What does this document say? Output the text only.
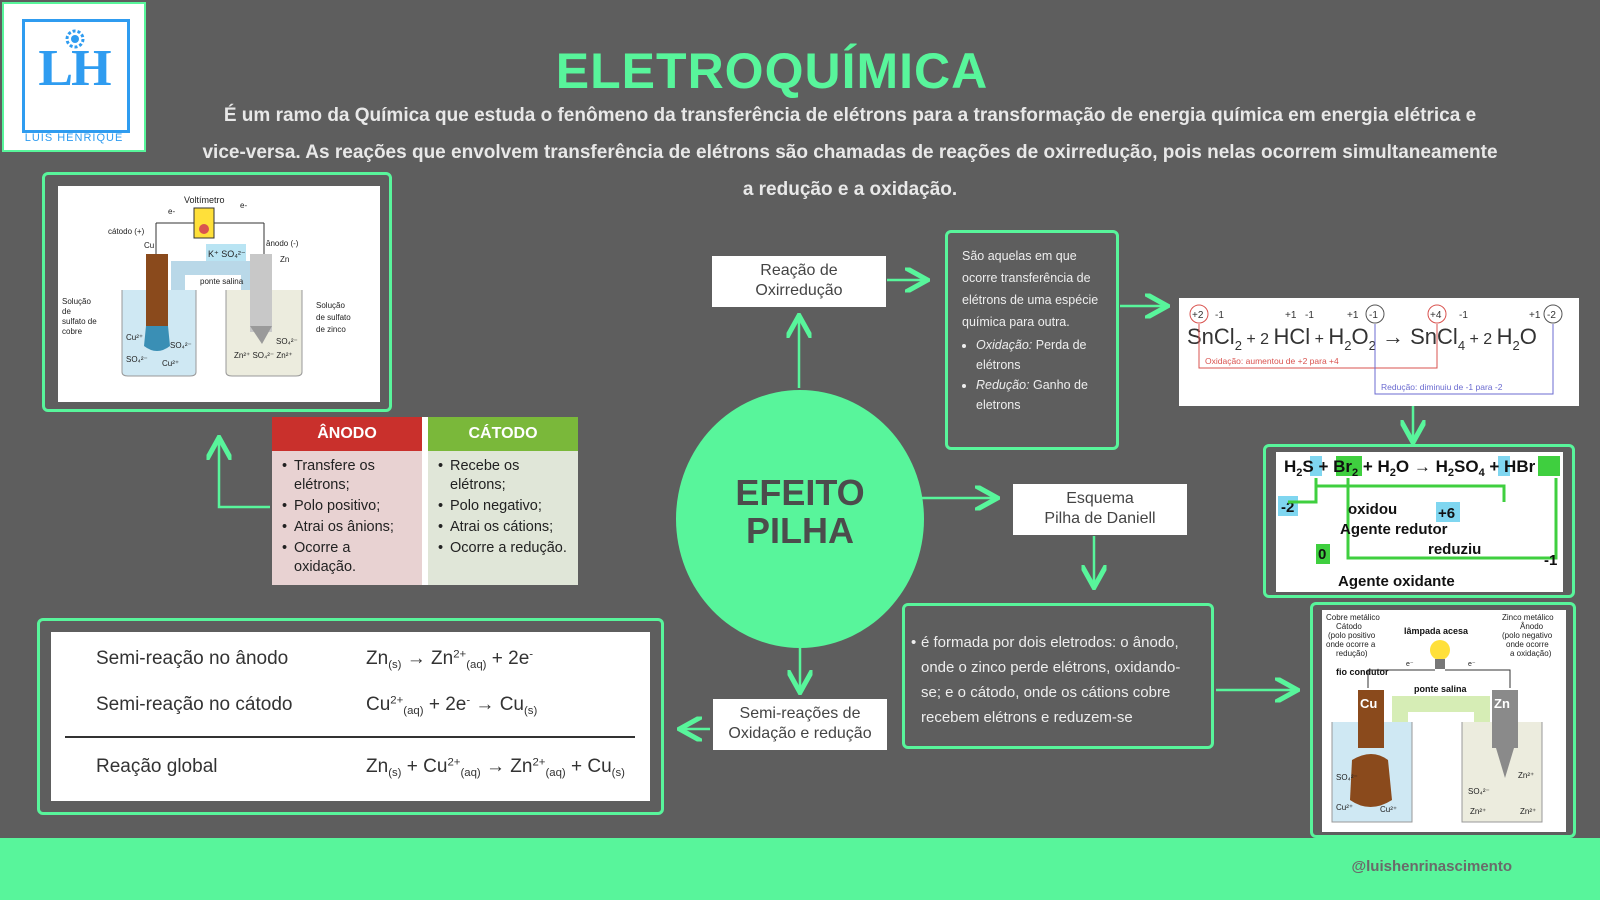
LH
LUIS HENRIQUE
ELETROQUÍMICA
É um ramo da Química que estuda o fenômeno da transferência de elétrons para a transformação de energia química em energia elétrica e vice-versa. As reações que envolvem transferência de elétrons são chamadas de reações de oxirredução, pois nelas ocorrem simultaneamente a redução e a oxidação.
e-
e-
Voltímetro
cátodo (+)
ânodo (-)
Cu
Zn
K⁺ SO₄²⁻
ponte salina
Cu²⁺
SO₄²⁻
SO₄²⁻ Cu²⁺
Zn²⁺ SO₄²⁻ Zn²⁺
SO₄²⁻
Solução
de
sulfato de
cobre
Solução
de sulfato
de zinco
ÂNODO
• Transfere os elétrons;
• Polo positivo;
• Atrai os ânions;
• Ocorre a oxidação.
CÁTODO
• Recebe os elétrons;
• Polo negativo;
• Atrai os cátions;
• Ocorre a redução.
EFEITO
PILHA
Reação de
Oxirredução
Esquema
Pilha de Daniell
Semi-reações de
Oxidação e redução
São aquelas em que ocorre transferência de elétrons de uma espécie química para outra.
• Oxidação: Perda de elétrons
• Redução: Ganho de eletrons
• é formada por dois eletrodos: o ânodo, onde o zinco perde elétrons, oxidando-se; e o cátodo, onde os cátions cobre recebem elétrons e reduzem-se
+2 -1	+1 -1	+1 -1	+4 -1	+1 -2
SnCl$_2$ $^{+ 2}$ HCl + $H_2O_2$ → SnCl$_4$ $^{+ 2}$ $H_2O$
Oxidação: aumentou de +2 para +4
Redução: diminuiu de -1 para -2
$H_2S + Br_2 + H_2O \to H_2SO_4$ + HBr
-2	+6
0	-1
oxidou
Agente redutor
reduziu
Agente oxidante
Semi-reação no ânodo	$Zn_{(s)} \to Zn^{2+}_{(aq)} + 2e^-$
Semi-reação no cátodo	$Cu^{2+}_{(aq)} + 2e^- \to Cu_{(s)}$
Reação global	$Zn_{(s)} + Cu^{2+}_{(aq)} \to Zn^{2+}_{(aq)} + Cu_{(s)}$
Cobre metálico
Cátodo
(polo positivo
onde ocorre a
redução)
Zinco metálico
Ânodo
(polo negativo
onde ocorre
a oxidação)
lâmpada acesa
fio condutor
e⁻	e⁻
ponte salina
Cu	Zn
SO₄²⁻
Cu²⁺	Cu²⁺
SO₄²⁻
Zn²⁺
Zn²⁺
Zn²⁺
@luishenrinascimento
